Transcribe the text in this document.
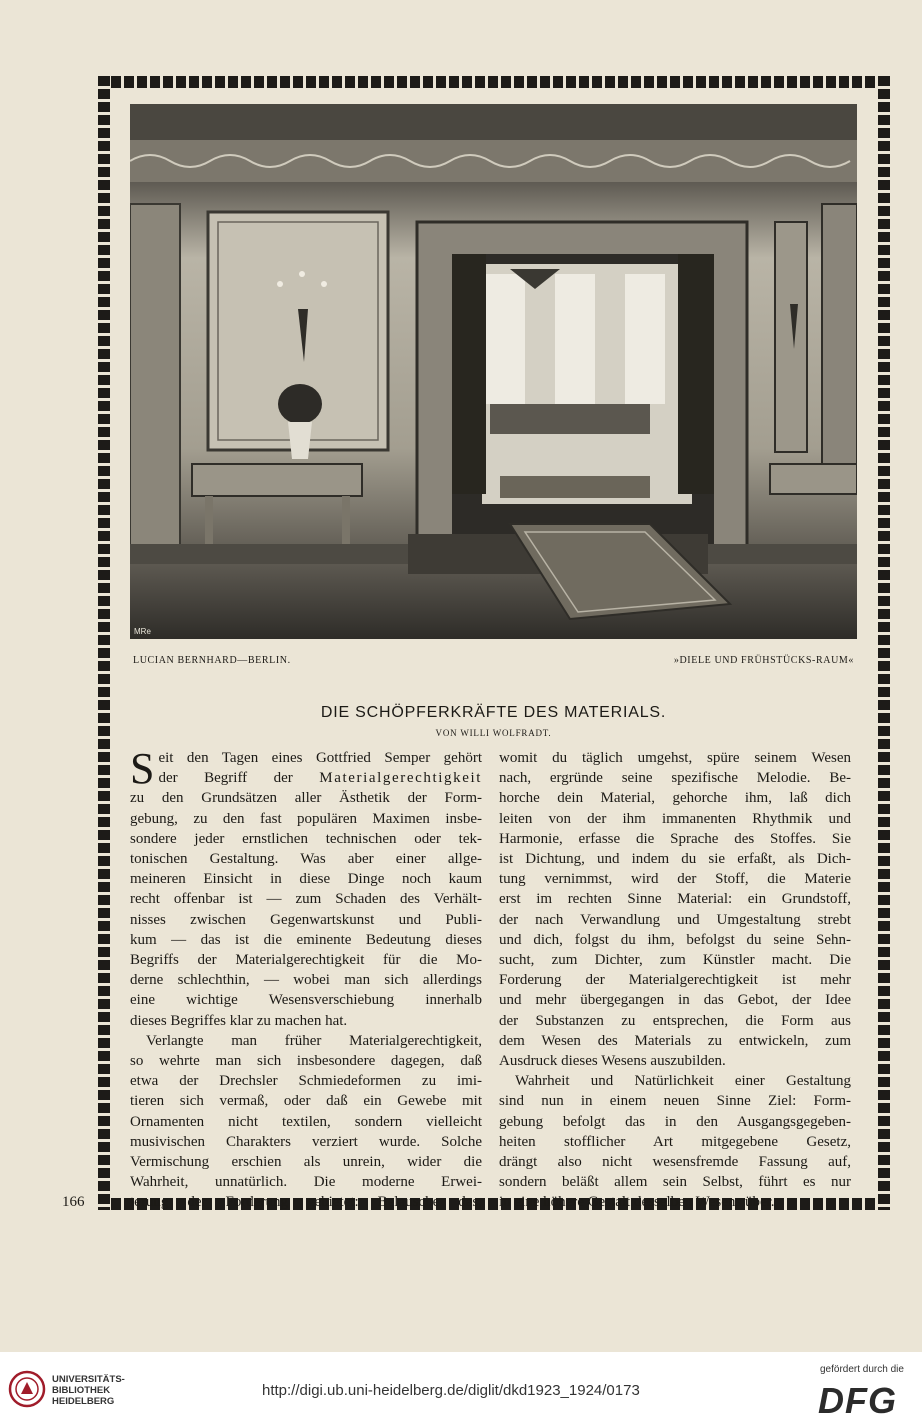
MRe
LUCIAN BERNHARD—BERLIN.	»DIELE UND FRÜHSTÜCKS-RAUM«
DIE SCHÖPFERKRÄFTE DES MATERIALS.
VON WILLI WOLFRADT.
S eit den Tagen eines Gottfried Semper gehört
der Begriff der Materialgerechtigkeit
zu den Grundsätzen aller Ästhetik der Form-
gebung, zu den fast populären Maximen insbe-
sondere jeder ernstlichen technischen oder tek-
tonischen Gestaltung. Was aber einer allge-
meineren Einsicht in diese Dinge noch kaum
recht offenbar ist — zum Schaden des Verhält-
nisses zwischen Gegenwartskunst und Publi-
kum — das ist die eminente Bedeutung dieses
Begriffs der Materialgerechtigkeit für die Mo-
derne schlechthin, — wobei man sich allerdings
eine wichtige Wesensverschiebung innerhalb
dieses Begriffes klar zu machen hat.
Verlangte man früher Materialgerechtigkeit,
so wehrte man sich insbesondere dagegen, daß
etwa der Drechsler Schmiedeformen zu imi-
tieren sich vermaß, oder daß ein Gewebe mit
Ornamenten nicht textilen, sondern vielleicht
musivischen Charakters verziert wurde. Solche
Vermischung erschien als unrein, wider die
Wahrheit, unnatürlich. Die moderne Erwei-
terung der Forderung gebietet: Belausche das,
womit du täglich umgehst, spüre seinem Wesen
nach, ergründe seine spezifische Melodie. Be-
horche dein Material, gehorche ihm, laß dich
leiten von der ihm immanenten Rhythmik und
Harmonie, erfasse die Sprache des Stoffes. Sie
ist Dichtung, und indem du sie erfaßt, als Dich-
tung vernimmst, wird der Stoff, die Materie
erst im rechten Sinne Material: ein Grundstoff,
der nach Verwandlung und Umgestaltung strebt
und dich, folgst du ihm, befolgst du seine Sehn-
sucht, zum Dichter, zum Künstler macht. Die
Forderung der Materialgerechtigkeit ist mehr
und mehr übergegangen in das Gebot, der Idee
der Substanzen zu entsprechen, die Form aus
dem Wesen des Materials zu entwickeln, zum
Ausdruck dieses Wesens auszubilden.
Wahrheit und Natürlichkeit einer Gestaltung
sind nun in einem neuen Sinne Ziel: Form-
gebung befolgt das in den Ausgangsgegeben-
heiten stofflicher Art mitgegebene Gesetz,
drängt also nicht wesensfremde Fassung auf,
sondern beläßt allem sein Selbst, führt es nur
in eine höhere Gestalt desselben Wesens über.
166
UNIVERSITÄTS-
BIBLIOTHEK
HEIDELBERG
http://digi.ub.uni-heidelberg.de/diglit/dkd1923_1924/0173
gefördert durch die
DFG
